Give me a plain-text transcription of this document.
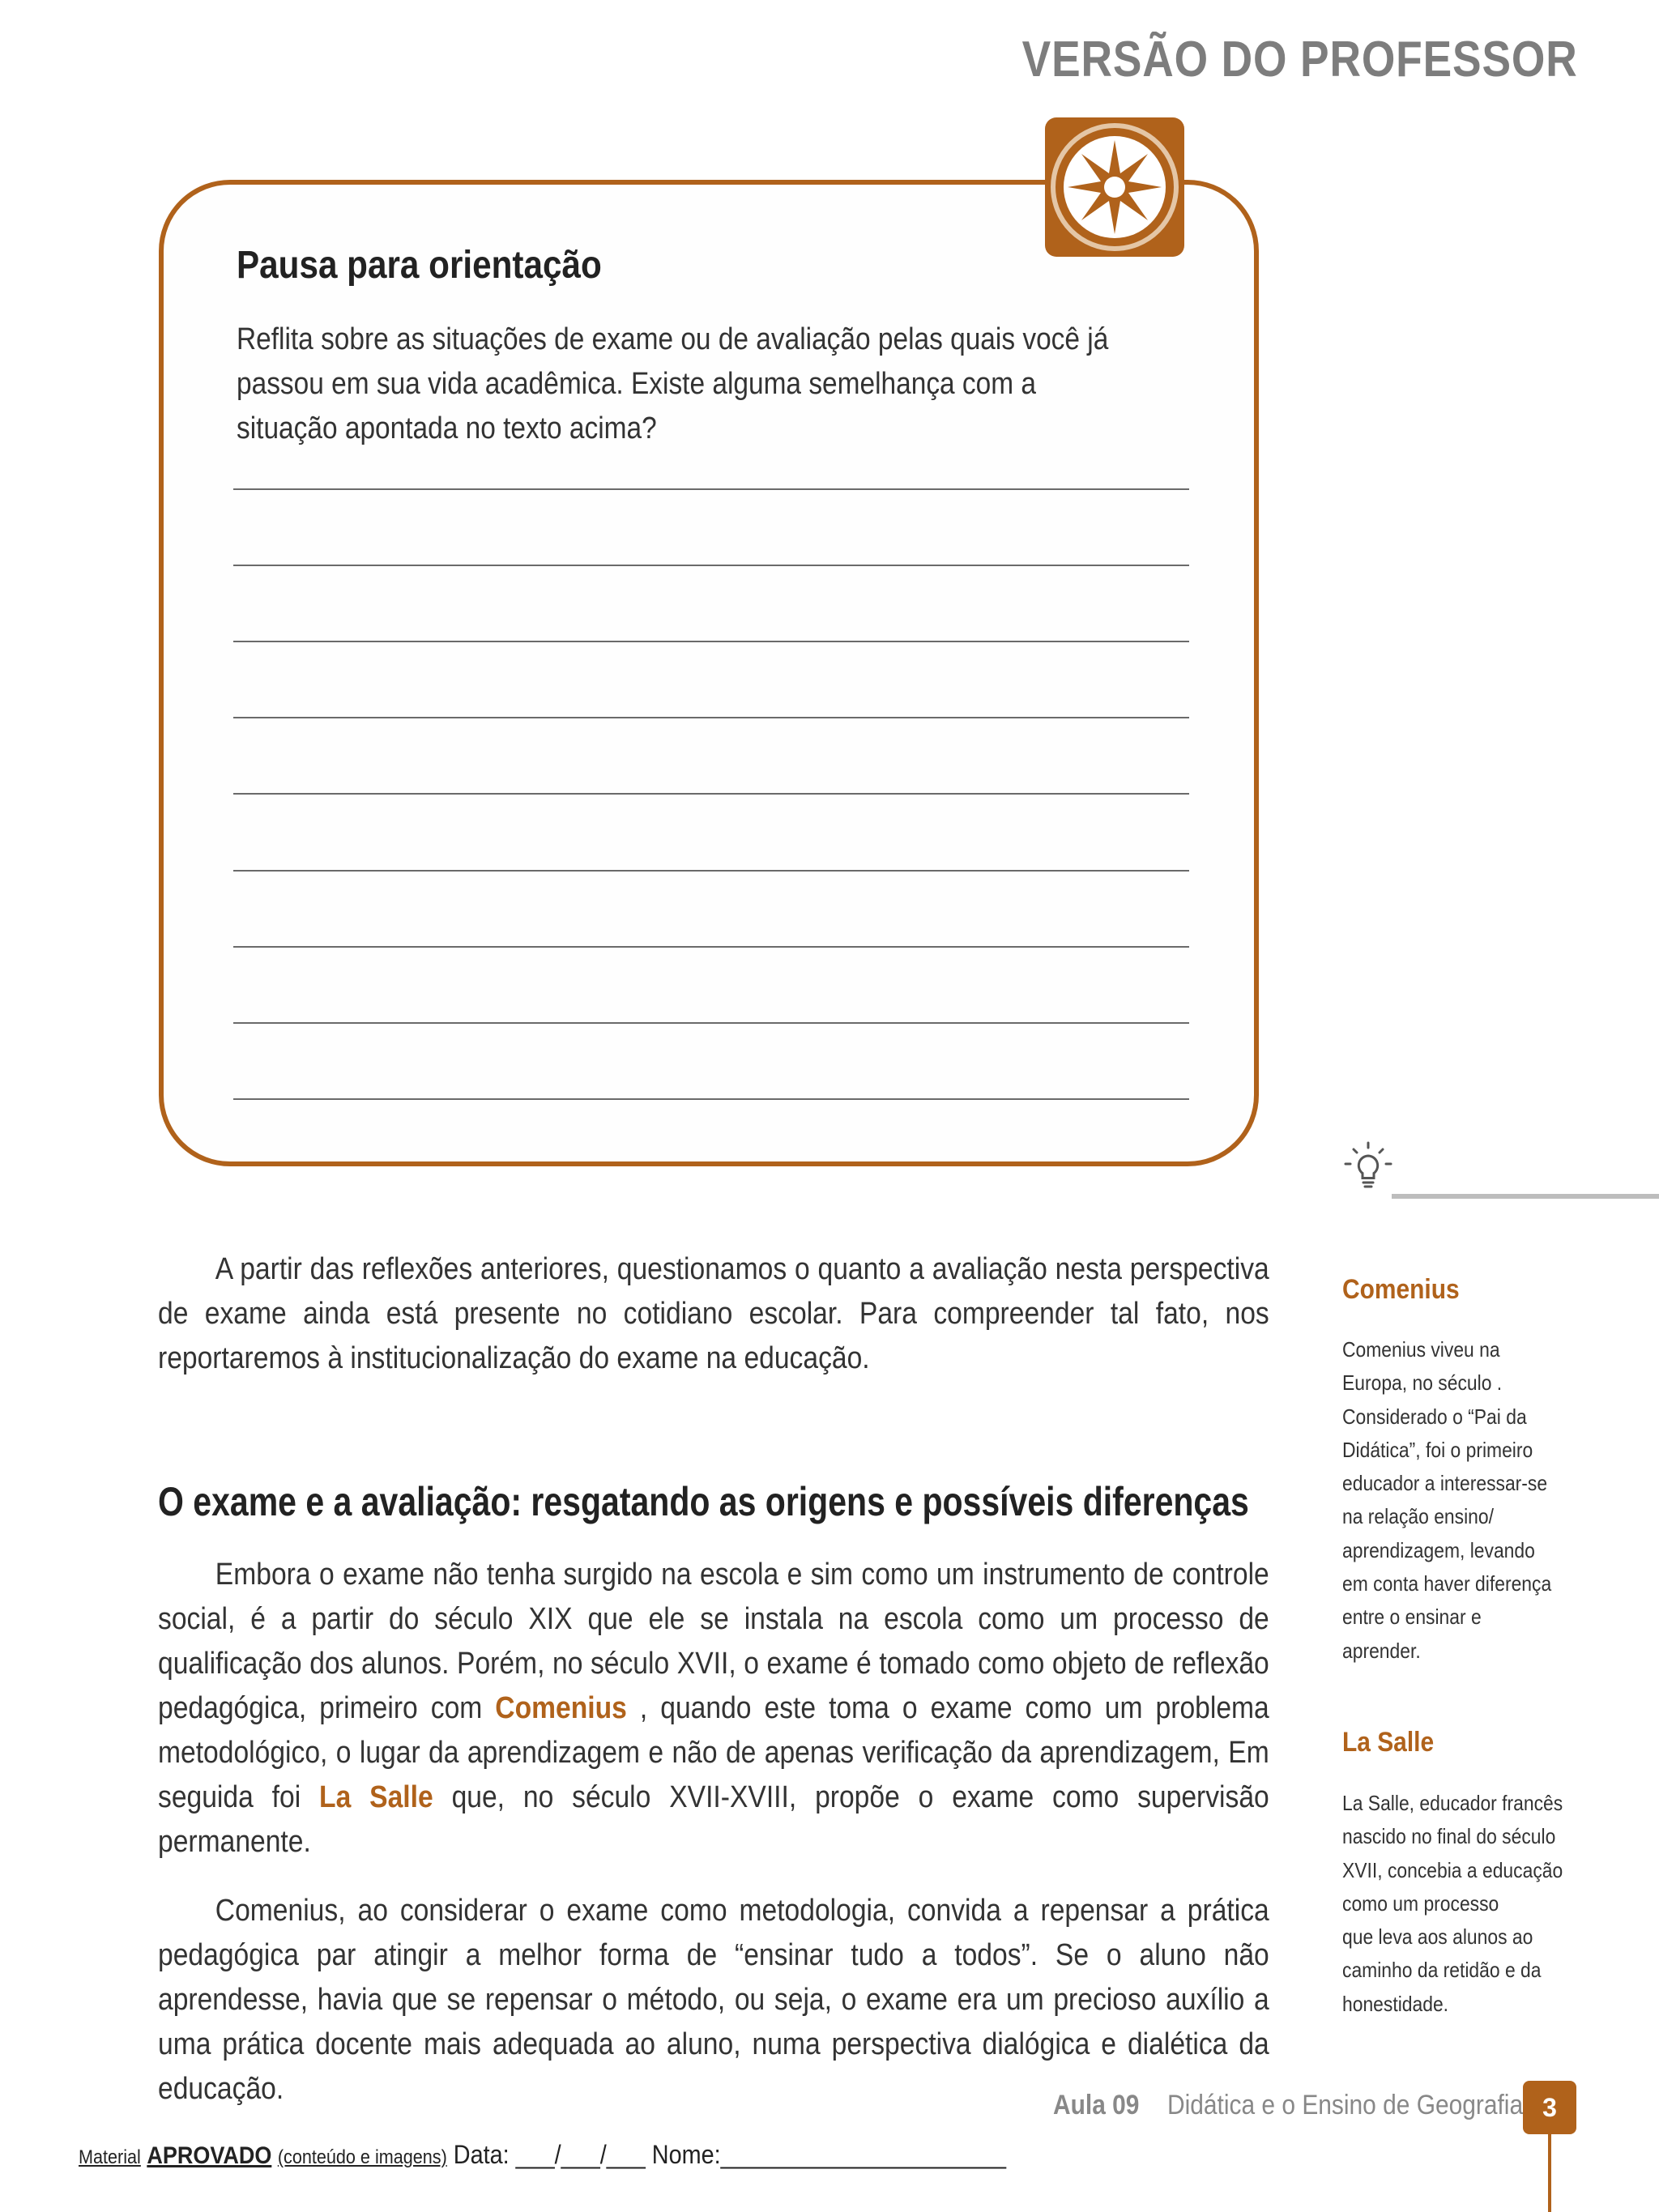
VERSÃO DO PROFESSOR
Pausa para orientação
Reflita sobre as situações de exame ou de avaliação pelas quais você já passou em sua vida acadêmica. Existe alguma semelhança com a situação apontada no texto acima?

A partir das reflexões anteriores, questionamos o quanto a avaliação nesta perspectiva de exame ainda está presente no cotidiano escolar. Para compreender tal fato, nos reportaremos à institucionalização do exame na educação.

O exame e a avaliação: resgatando as origens e possíveis diferenças

Embora o exame não tenha surgido na escola e sim como um instrumento de controle social, é a partir do século XIX que ele se instala na escola como um processo de qualificação dos alunos. Porém, no século XVII, o exame é tomado como objeto de reflexão pedagógica, primeiro com Comenius , quando este toma o exame como um problema metodológico, o lugar da aprendizagem e não de apenas verificação da aprendizagem, Em seguida foi La Salle que, no século XVII-XVIII, propõe o exame como supervisão permanente.

Comenius, ao considerar o exame como metodologia, convida a repensar a prática pedagógica par atingir a melhor forma de “ensinar tudo a todos”. Se o aluno não aprendesse, havia que se repensar o método, ou seja, o exame era um precioso auxílio a uma prática docente mais adequada ao aluno, numa perspectiva dialógica e dialética da educação.

Comenius
Comenius viveu na
Europa, no século .
Considerado o “Pai da
Didática”, foi o primeiro
educador a interessar-se
na relação ensino/
aprendizagem, levando
em conta haver diferença
entre o ensinar e aprender.
La Salle
La Salle, educador francês
nascido no final do século
XVII, concebia a educação
como um processo
que leva aos alunos ao
caminho da retidão e da
honestidade.
Aula 09 Didática e o Ensino de Geografia 3
Material APROVADO (conteúdo e imagens) Data: ___/___/___ Nome:______________________
